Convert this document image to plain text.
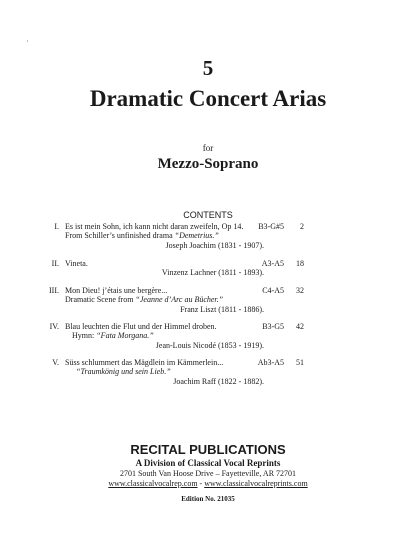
5
Dramatic Concert Arias
for
Mezzo-Soprano
CONTENTS
I. Es ist mein Sohn, ich kann nicht daran zweifeln, Op 14. B3-G#5 2
From Schiller’s unfinished drama “Demetrius.”
Joseph Joachim (1831 - 1907).
II. Vineta.	A3-A5 18
Vinzenz Lachner (1811 - 1893).
III. Mon Dieu! j’étais une bergère...	C4-A5 32
Dramatic Scene from “Jeanne d’Arc au Bücher.”
Franz Liszt (1811 - 1886).
IV. Blau leuchten die Flut und der Himmel droben.	B3-G5 42
Hymn: “Fata Morgana.”
Jean-Louis Nicodé (1853 - 1919).
V. Süss schlummert das Mägdlein im Kämmerlein...	Ab3-A5 51
“Traumkönig und sein Lieb.”
Joachim Raff (1822 - 1882).
RECITAL PUBLICATIONS
A Division of Classical Vocal Reprints
2701 South Van Hoose Drive – Fayetteville, AR 72701
www.classicalvocalrep.com - www.classicalvocalreprints.com
Edition No. 21035
